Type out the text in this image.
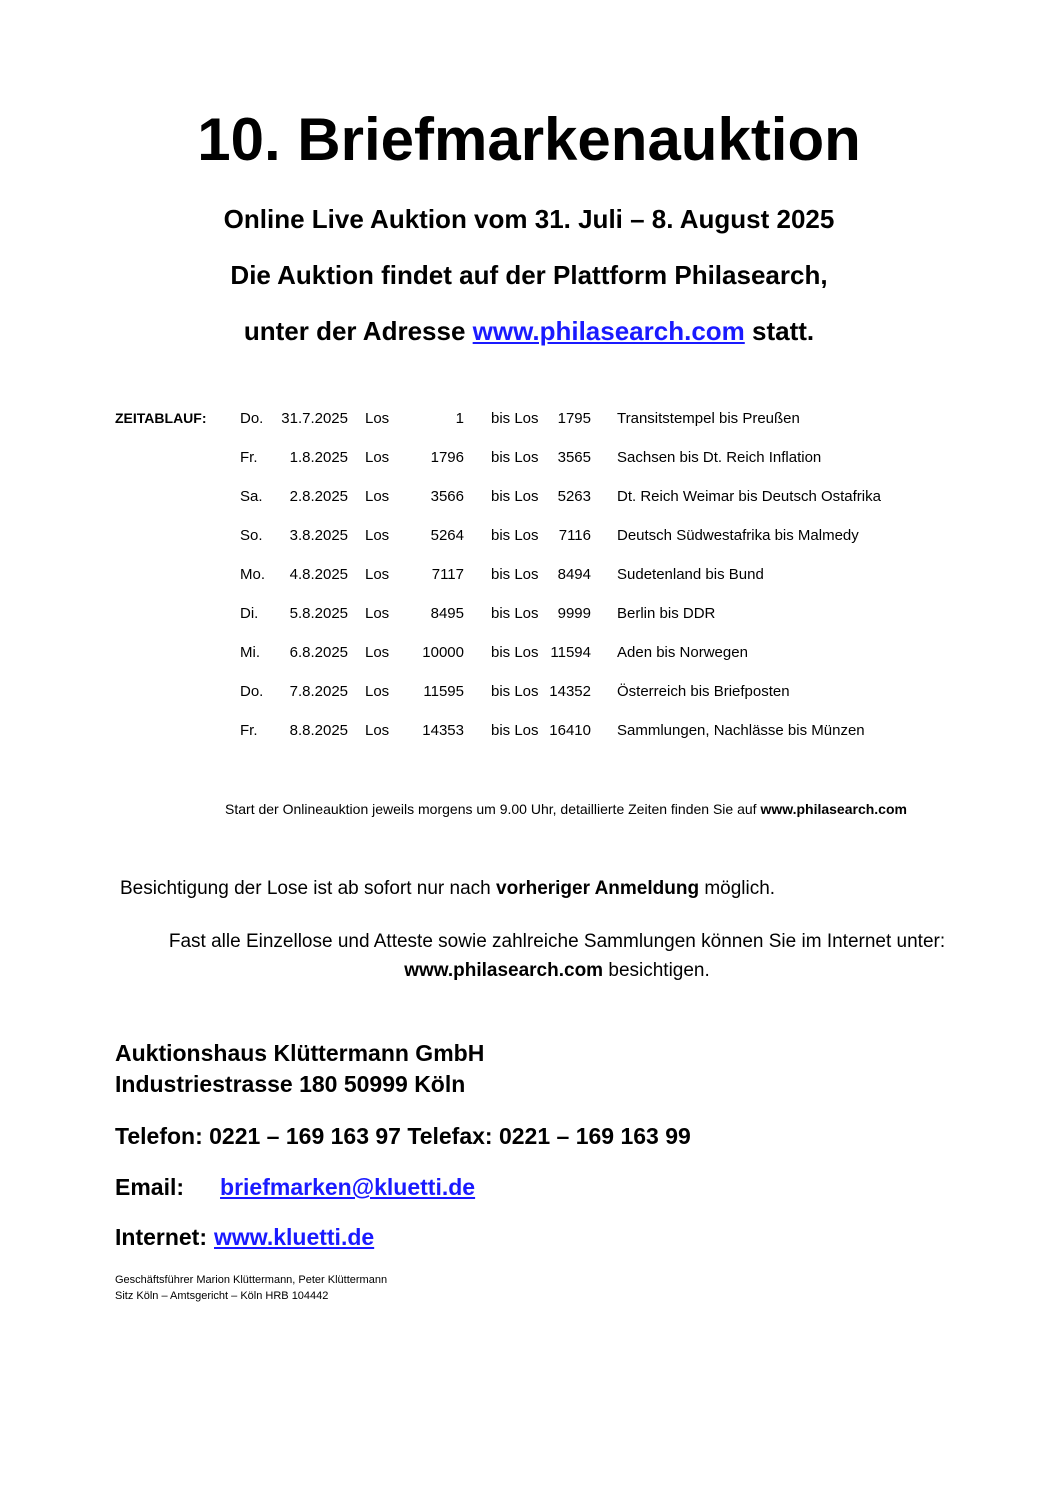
10. Briefmarkenauktion
Online Live Auktion vom 31. Juli – 8. August 2025
Die Auktion findet auf der Plattform Philasearch,
unter der Adresse www.philasearch.com statt.
ZEITABLAUF: Do.	31.7.2025 Los	1 bis Los	1795 Transitstempel bis Preußen
Fr.	1.8.2025 Los	1796 bis Los	3565 Sachsen bis Dt. Reich Inflation
Sa.	2.8.2025 Los	3566 bis Los	5263 Dt. Reich Weimar bis Deutsch Ostafrika
So.	3.8.2025 Los	5264 bis Los	7116 Deutsch Südwestafrika bis Malmedy
Mo.	4.8.2025 Los	7117 bis Los	8494 Sudetenland bis Bund
Di.	5.8.2025 Los	8495 bis Los	9999 Berlin bis DDR
Mi.	6.8.2025 Los	10000 bis Los 11594 Aden bis Norwegen
Do.	7.8.2025 Los	11595 bis Los 14352 Österreich bis Briefposten
Fr.	8.8.2025 Los	14353 bis Los 16410 Sammlungen, Nachlässe bis Münzen
Start der Onlineauktion jeweils morgens um 9.00 Uhr, detaillierte Zeiten finden Sie auf www.philasearch.com
Besichtigung der Lose ist ab sofort nur nach vorheriger Anmeldung möglich.
Fast alle Einzellose und Atteste sowie zahlreiche Sammlungen können Sie im Internet unter:
www.philasearch.com besichtigen.
Auktionshaus Klüttermann GmbH
Industriestrasse 180 50999 Köln
Telefon: 0221 – 169 163 97 Telefax: 0221 – 169 163 99
Email: briefmarken@kluetti.de
Internet: www.kluetti.de
Geschäftsführer Marion Klüttermann, Peter Klüttermann
Sitz Köln – Amtsgericht – Köln HRB 104442
